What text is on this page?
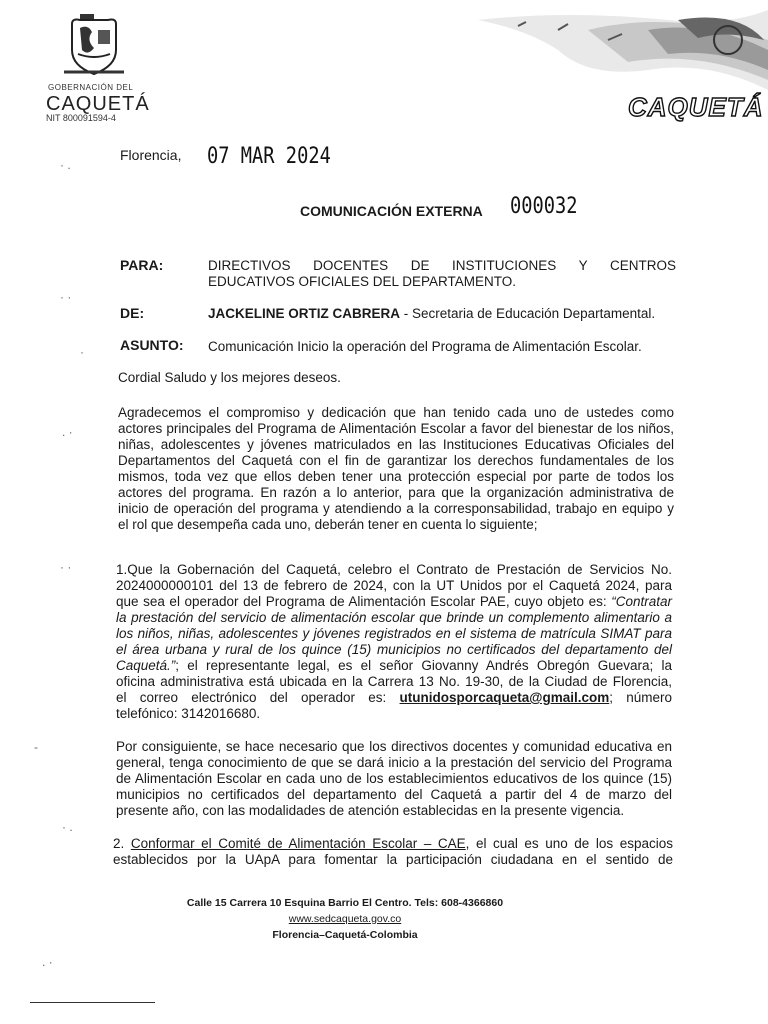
GOBERNACIÓN DEL
CAQUETÁ
NIT 800091594-4	CAQUETÁ
Florencia, 07 MAR 2024
COMUNICACIÓN EXTERNA 000032
PARA:	DIRECTIVOS DOCENTES DE INSTITUCIONES Y CENTROS
EDUCATIVOS OFICIALES DEL DEPARTAMENTO.
DE:	JACKELINE ORTIZ CABRERA - Secretaria de Educación Departamental.
ASUNTO: Comunicación Inicio la operación del Programa de Alimentación Escolar.
Cordial Saludo y los mejores deseos.
Agradecemos el compromiso y dedicación que han tenido cada uno de ustedes como
actores principales del Programa de Alimentación Escolar a favor del bienestar de los niños,
niñas, adolescentes y jóvenes matriculados en las Instituciones Educativas Oficiales del
Departamentos del Caquetá con el fin de garantizar los derechos fundamentales de los
mismos, toda vez que ellos deben tener una protección especial por parte de todos los
actores del programa. En razón a lo anterior, para que la organización administrativa de
inicio de operación del programa y atendiendo a la corresponsabilidad, trabajo en equipo y
el rol que desempeña cada uno, deberán tener en cuenta lo siguiente;
1.Que la Gobernación del Caquetá, celebro el Contrato de Prestación de Servicios No.
2024000000101 del 13 de febrero de 2024, con la UT Unidos por el Caquetá 2024, para
que sea el operador del Programa de Alimentación Escolar PAE, cuyo objeto es: “Contratar
la prestación del servicio de alimentación escolar que brinde un complemento alimentario a
los niños, niñas, adolescentes y jóvenes registrados en el sistema de matrícula SIMAT para
el área urbana y rural de los quince (15) municipios no certificados del departamento del
Caquetá.”; el representante legal, es el señor Giovanny Andrés Obregón Guevara; la
oficina administrativa está ubicada en la Carrera 13 No. 19-30, de la Ciudad de Florencia,
el correo electrónico del operador es: utunidosporcaqueta@gmail.com; número
telefónico: 3142016680.
Por consiguiente, se hace necesario que los directivos docentes y comunidad educativa en
general, tenga conocimiento de que se dará inicio a la prestación del servicio del Programa
de Alimentación Escolar en cada uno de los establecimientos educativos de los quince (15)
municipios no certificados del departamento del Caquetá a partir del 4 de marzo del
presente año, con las modalidades de atención establecidas en la presente vigencia.
2. Conformar el Comité de Alimentación Escolar – CAE, el cual es uno de los espacios
establecidos por la UApA para fomentar la participación ciudadana en el sentido de
Calle 15 Carrera 10 Esquina Barrio El Centro. Tels: 608-4366860
www.sedcaqueta.gov.co
Florencia–Caquetá-Colombia
· .
· ·
·
. ·
· ·
-
· .
. ·
